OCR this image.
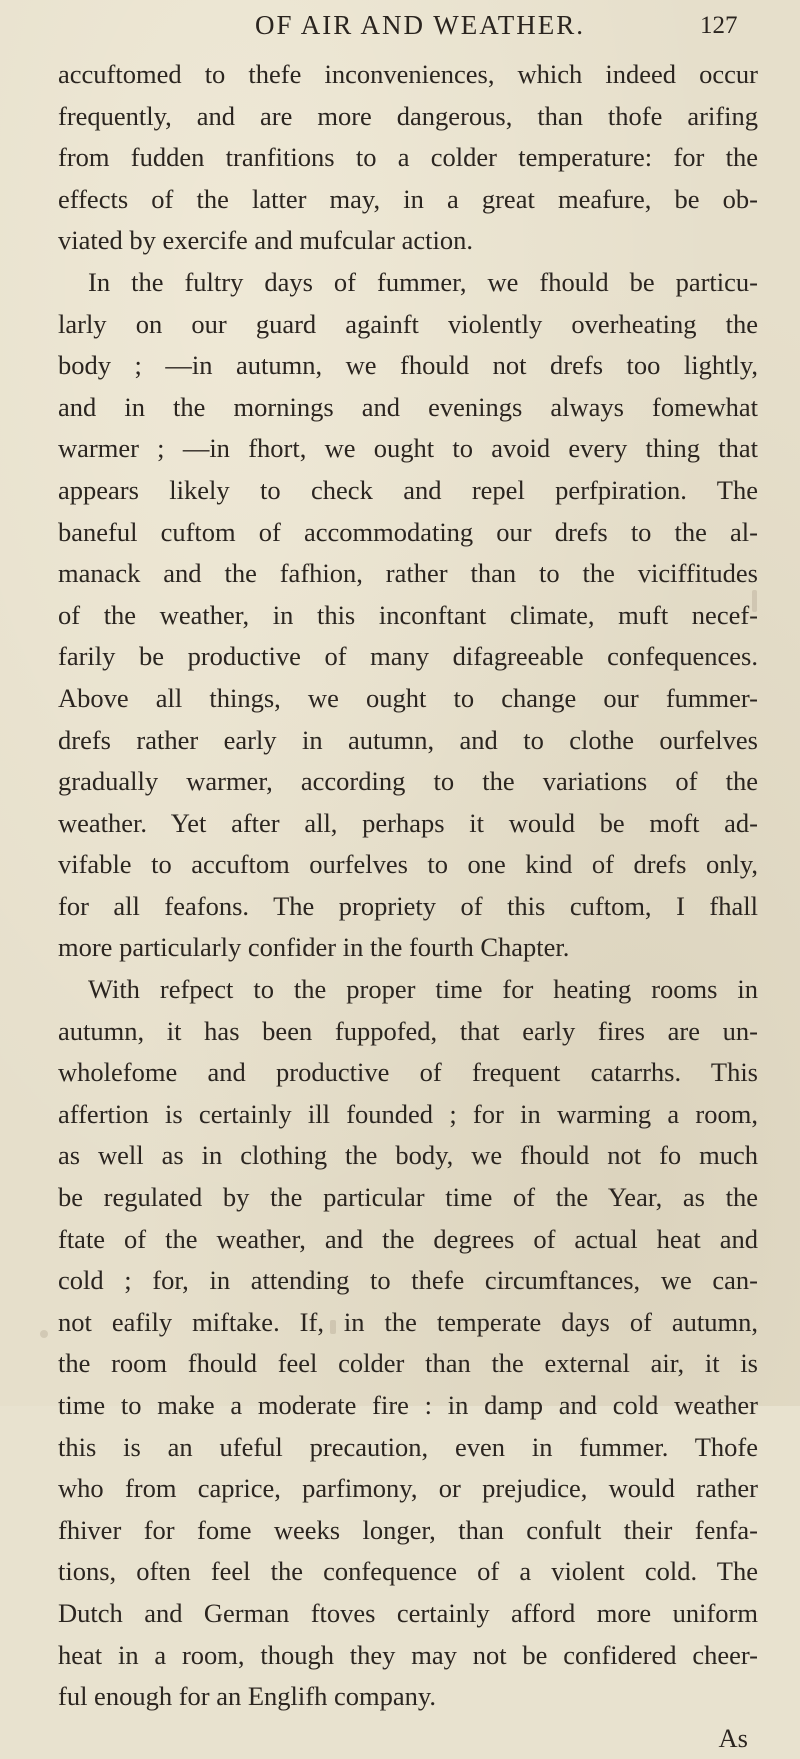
OF AIR AND WEATHER.	127
accuftomed to thefe inconveniences, which indeed occur
frequently, and are more dangerous, than thofe arifing
from fudden tranfitions to a colder temperature: for the
effects of the latter may, in a great meafure, be ob-
viated by exercife and mufcular action.
In the fultry days of fummer, we fhould be particu-
larly on our guard againft violently overheating the
body ; —in autumn, we fhould not drefs too lightly,
and in the mornings and evenings always fomewhat
warmer ; —in fhort, we ought to avoid every thing that
appears likely to check and repel perfpiration. The
baneful cuftom of accommodating our drefs to the al-
manack and the fafhion, rather than to the viciffitudes
of the weather, in this inconftant climate, muft necef-
farily be productive of many difagreeable confequences.
Above all things, we ought to change our fummer-
drefs rather early in autumn, and to clothe ourfelves
gradually warmer, according to the variations of the
weather. Yet after all, perhaps it would be moft ad-
vifable to accuftom ourfelves to one kind of drefs only,
for all feafons. The propriety of this cuftom, I fhall
more particularly confider in the fourth Chapter.
With refpect to the proper time for heating rooms in
autumn, it has been fuppofed, that early fires are un-
wholefome and productive of frequent catarrhs. This
affertion is certainly ill founded ; for in warming a room,
as well as in clothing the body, we fhould not fo much
be regulated by the particular time of the Year, as the
ftate of the weather, and the degrees of actual heat and
cold ; for, in attending to thefe circumftances, we can-
not eafily miftake. If, in the temperate days of autumn,
the room fhould feel colder than the external air, it is
time to make a moderate fire : in damp and cold weather
this is an ufeful precaution, even in fummer. Thofe
who from caprice, parfimony, or prejudice, would rather
fhiver for fome weeks longer, than confult their fenfa-
tions, often feel the confequence of a violent cold. The
Dutch and German ftoves certainly afford more uniform
heat in a room, though they may not be confidered cheer-
ful enough for an Englifh company.
As
